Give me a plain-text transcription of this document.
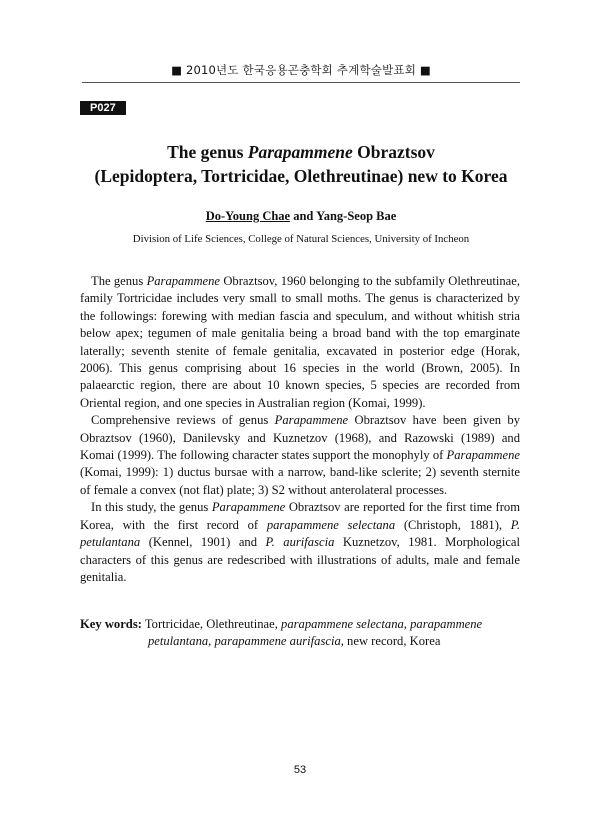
■ 2010년도 한국응용곤충학회 추계학술발표회 ■
P027
The genus Parapammene Obraztsov
(Lepidoptera, Tortricidae, Olethreutinae) new to Korea
Do-Young Chae and Yang-Seop Bae
Division of Life Sciences, College of Natural Sciences, University of Incheon

The genus Parapammene Obraztsov, 1960 belonging to the subfamily Olethreutinae, family Tortricidae includes very small to small moths. The genus is characterized by the followings: forewing with median fascia and speculum, and without whitish stria below apex; tegumen of male genitalia being a broad band with the top emarginate laterally; seventh stenite of female genitalia, excavated in posterior edge (Horak, 2006). This genus comprising about 16 species in the world (Brown, 2005). In palaearctic region, there are about 10 known species, 5 species are recorded from Oriental region, and one species in Australian region (Komai, 1999).

Comprehensive reviews of genus Parapammene Obraztsov have been given by Obraztsov (1960), Danilevsky and Kuznetzov (1968), and Razowski (1989) and Komai (1999). The following character states support the monophyly of Parapammene (Komai, 1999): 1) ductus bursae with a narrow, band-like sclerite; 2) seventh sternite of female a convex (not flat) plate; 3) S2 without anterolateral processes.

In this study, the genus Parapammene Obraztsov are reported for the first time from Korea, with the first record of parapammene selectana (Christoph, 1881), P. petulantana (Kennel, 1901) and P. aurifascia Kuznetzov, 1981. Morphological characters of this genus are redescribed with illustrations of adults, male and female genitalia.

Key words: Tortricidae, Olethreutinae, parapammene selectana, parapammene
petulantana, parapammene aurifascia, new record, Korea
53
